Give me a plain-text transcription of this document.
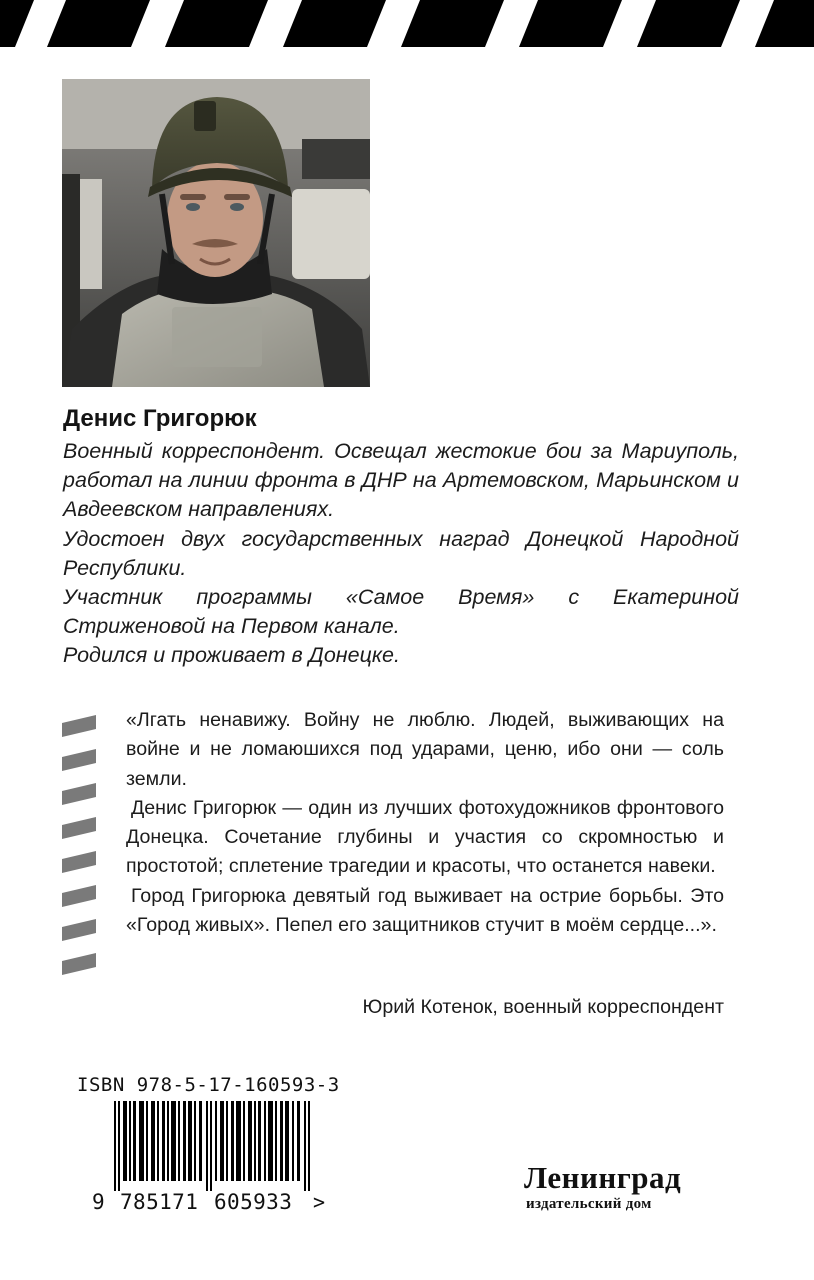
Денис Григорюк

Военный корреспондент. Освещал жестокие бои за Мариуполь, работал на линии фронта в ДНР на Артемовском, Марьинском и Авдеевском направлениях.

Удостоен двух государственных наград Донецкой Народной Республики.

Участник программы «Самое Время» с Екатериной Стриженовой на Первом канале.

Родился и проживает в Донецке.

«Лгать ненавижу. Войну не люблю. Людей, выживающих на войне и не ломаюшихся под ударами, ценю, ибо они — соль земли.

Денис Григорюк — один из лучших фотохудожников фронтового Донецка. Сочетание глубины и участия со скромностью и простотой; сплетение трагедии и красоты, что останется навеки.

Город Григорюка девятый год выживает на острие борьбы. Это «Город живых». Пепел его защитников стучит в моём сердце...».

Юрий Котенок, военный корреспондент
ISBN 978-5-17-160593-3
9 785171 605933 >
Ленинград
издательский дом
